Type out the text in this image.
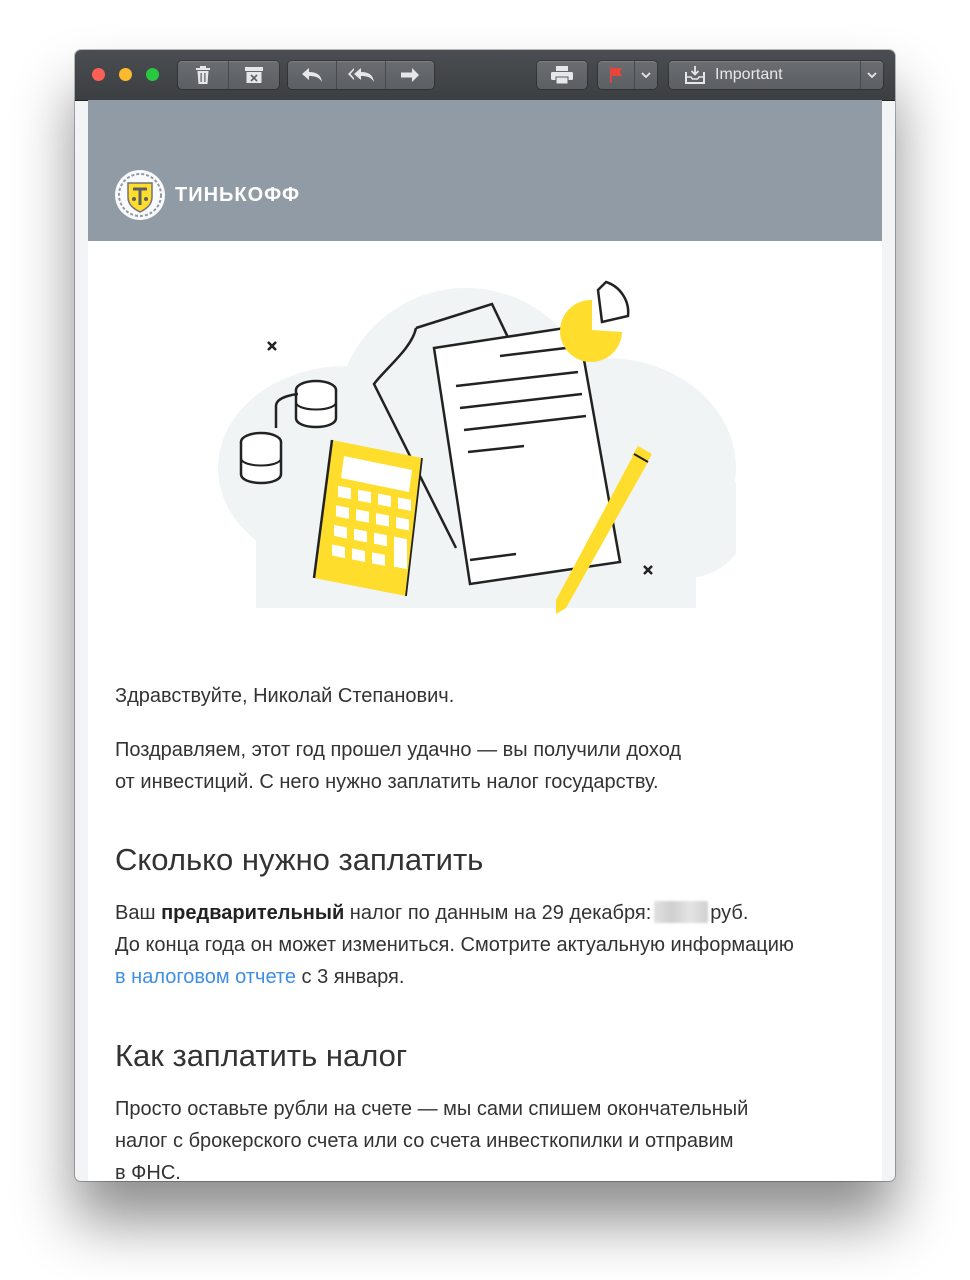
Important
ТИНЬКОФФ
Здравствуйте, Николай Степанович.
Поздравляем, этот год прошел удачно — вы получили доход
от инвестиций. С него нужно заплатить налог государству.
Сколько нужно заплатить
Ваш предварительный налог по данным на 29 декабря:	руб.
До конца года он может измениться. Смотрите актуальную информацию
в налоговом отчете с 3 января.
Как заплатить налог
Просто оставьте рубли на счете — мы сами спишем окончательный
налог с брокерского счета или со счета инвесткопилки и отправим
в ФНС.
